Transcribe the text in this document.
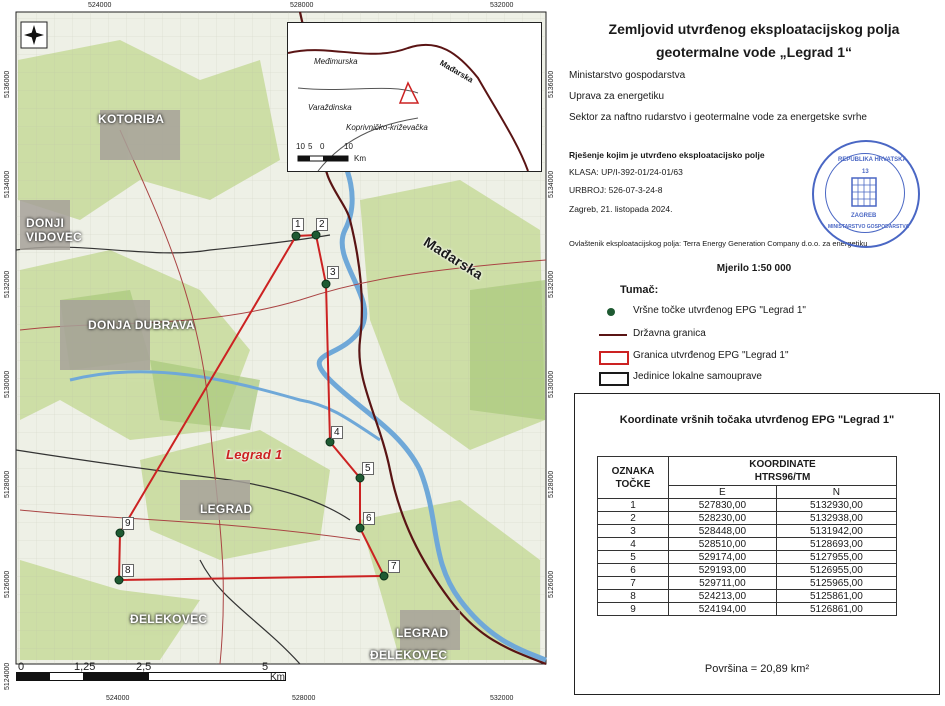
524000	528000	532000
524000	528000	532000
5136000
5134000
5132000
5130000
5128000
5126000
5124000
5136000
5134000
5132000
5130000
5128000
5126000
KOTORIBA
DONJI
VIDOVEC
DONJA DUBRAVA
LEGRAD
LEGRAD
ĐELEKOVEC
ĐELEKOVEC
Mađarska
Legrad 1
1	2
3
4
5
6
7
8
9
0	1,25	2,5	5
Km
Međimurska	Mađarska
Varaždinska
Koprivničko-križevačka
10 5 0 10
Km
Zemljovid utvrđenog eksploatacijskog polja
geotermalne vode „Legrad 1“
Ministarstvo gospodarstva
Uprava za energetiku
Sektor za naftno rudarstvo i geotermalne vode za energetske svrhe
Rješenje kojim je utvrđeno eksploatacijsko polje
KLASA: UP/I-392-01/24-01/63
URBROJ: 526-07-3-24-8
Zagreb, 21. listopada 2024.
Ovlaštenik eksploatacijskog polja: Terra Energy Generation Company d.o.o. za energetiku
Mjerilo 1:50 000
REPUBLIKA HRVATSKA
MINISTARSTVO GOSPODARSTVA
ZAGREB
13
Tumač:
Vršne točke utvrđenog EPG "Legrad 1"
Državna granica
Granica utvrđenog EPG "Legrad 1"
Jedinice lokalne samouprave
Koordinate vršnih točaka utvrđenog EPG "Legrad 1"
OZNAKA
TOČKE	KOORDINATE
HTRS96/TM	
	E	N
1	527830,00	5132930,00
2	528230,00	5132938,00
3	528448,00	5131942,00
4	528510,00	5128693,00
5	529174,00	5127955,00
6	529193,00	5126955,00
7	529711,00	5125965,00
8	524213,00	5125861,00
9	524194,00	5126861,00
Površina = 20,89 km²
